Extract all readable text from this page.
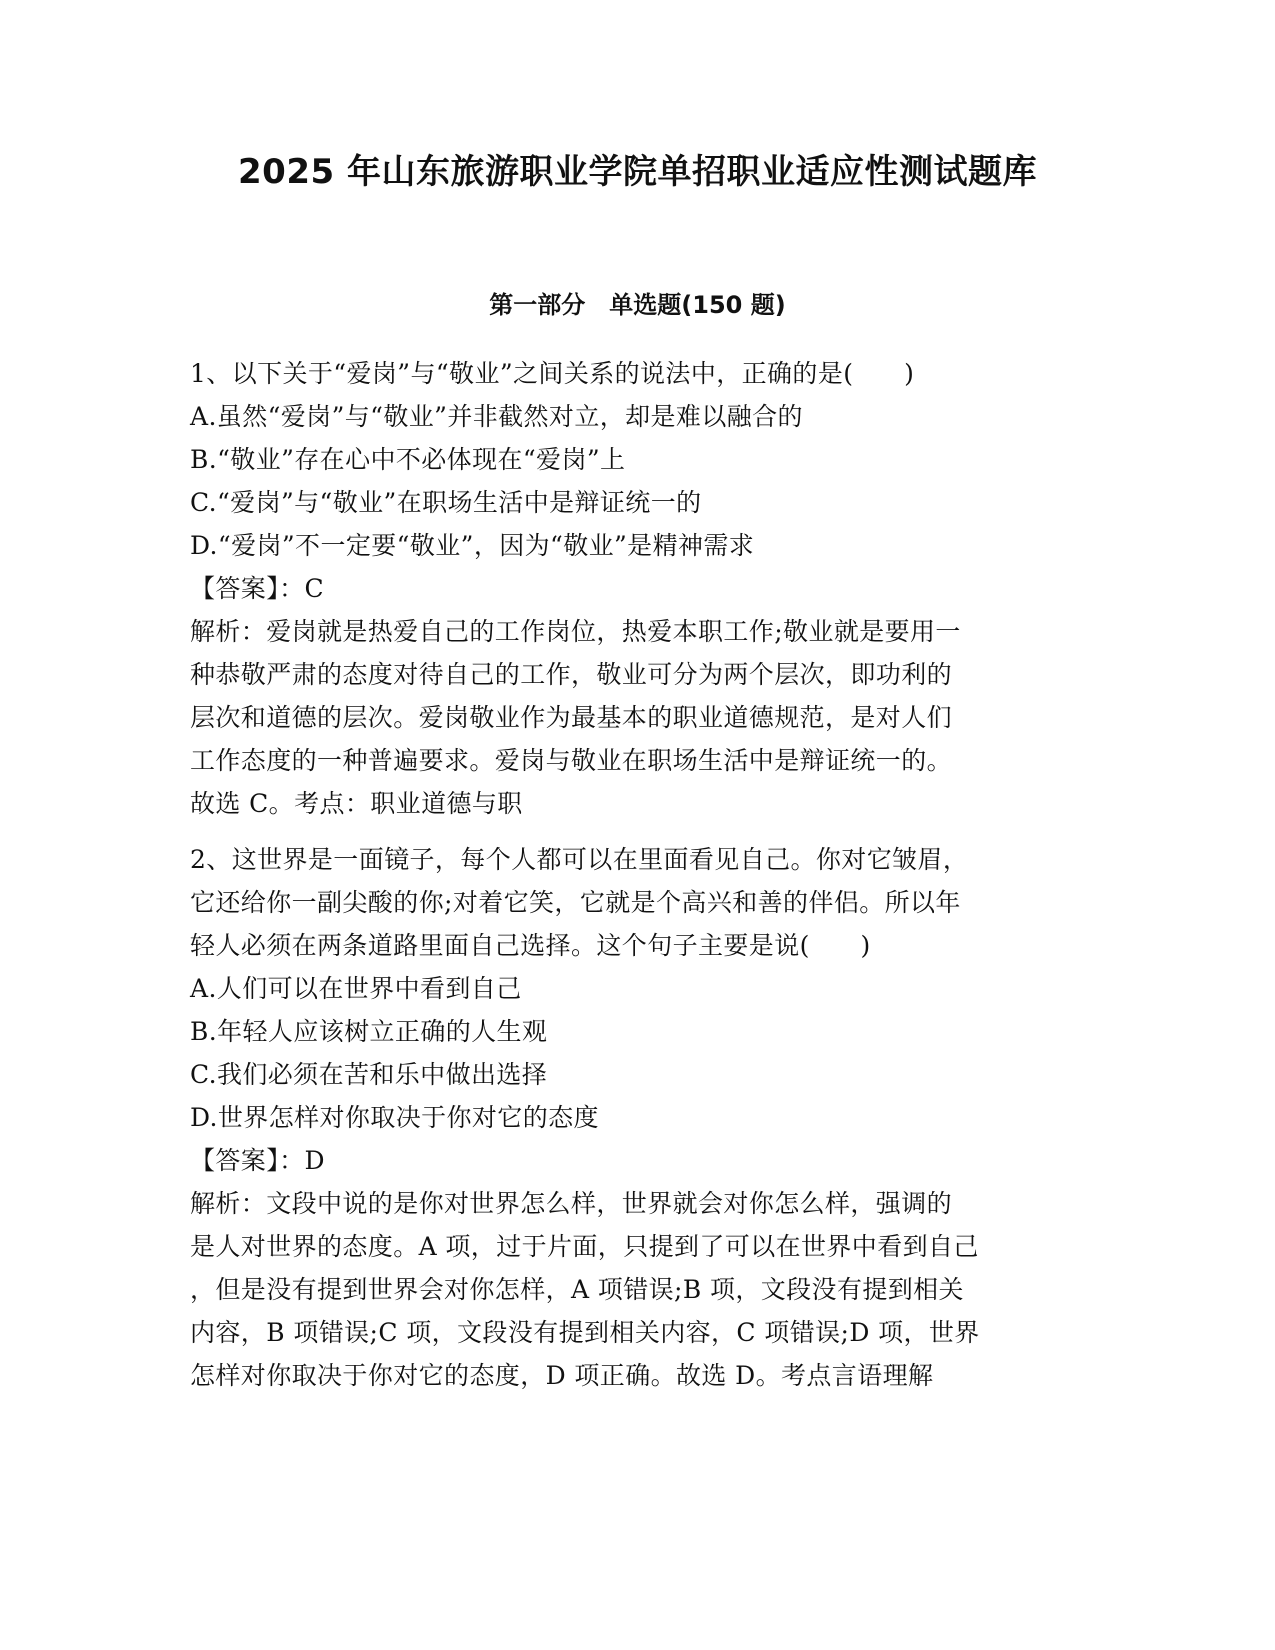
2025 年山东旅游职业学院单招职业适应性测试题库
第一部分　单选题(150 题)
1、以下关于“爱岗”与“敬业”之间关系的说法中，正确的是(　　)
A.虽然“爱岗”与“敬业”并非截然对立，却是难以融合的
B.“敬业”存在心中不必体现在“爱岗”上
C.“爱岗”与“敬业”在职场生活中是辩证统一的
D.“爱岗”不一定要“敬业”，因为“敬业”是精神需求
【答案】：C
解析：爱岗就是热爱自己的工作岗位，热爱本职工作;敬业就是要用一
种恭敬严肃的态度对待自己的工作，敬业可分为两个层次，即功利的
层次和道德的层次。爱岗敬业作为最基本的职业道德规范，是对人们
工作态度的一种普遍要求。爱岗与敬业在职场生活中是辩证统一的。
故选 C。考点：职业道德与职
2、这世界是一面镜子，每个人都可以在里面看见自己。你对它皱眉，
它还给你一副尖酸的你;对着它笑，它就是个高兴和善的伴侣。所以年
轻人必须在两条道路里面自己选择。这个句子主要是说(　　)
A.人们可以在世界中看到自己
B.年轻人应该树立正确的人生观
C.我们必须在苦和乐中做出选择
D.世界怎样对你取决于你对它的态度
【答案】：D
解析：文段中说的是你对世界怎么样，世界就会对你怎么样，强调的
是人对世界的态度。A 项，过于片面，只提到了可以在世界中看到自己
，但是没有提到世界会对你怎样，A 项错误;B 项，文段没有提到相关
内容，B 项错误;C 项，文段没有提到相关内容，C 项错误;D 项，世界
怎样对你取决于你对它的态度，D 项正确。故选 D。考点言语理解
